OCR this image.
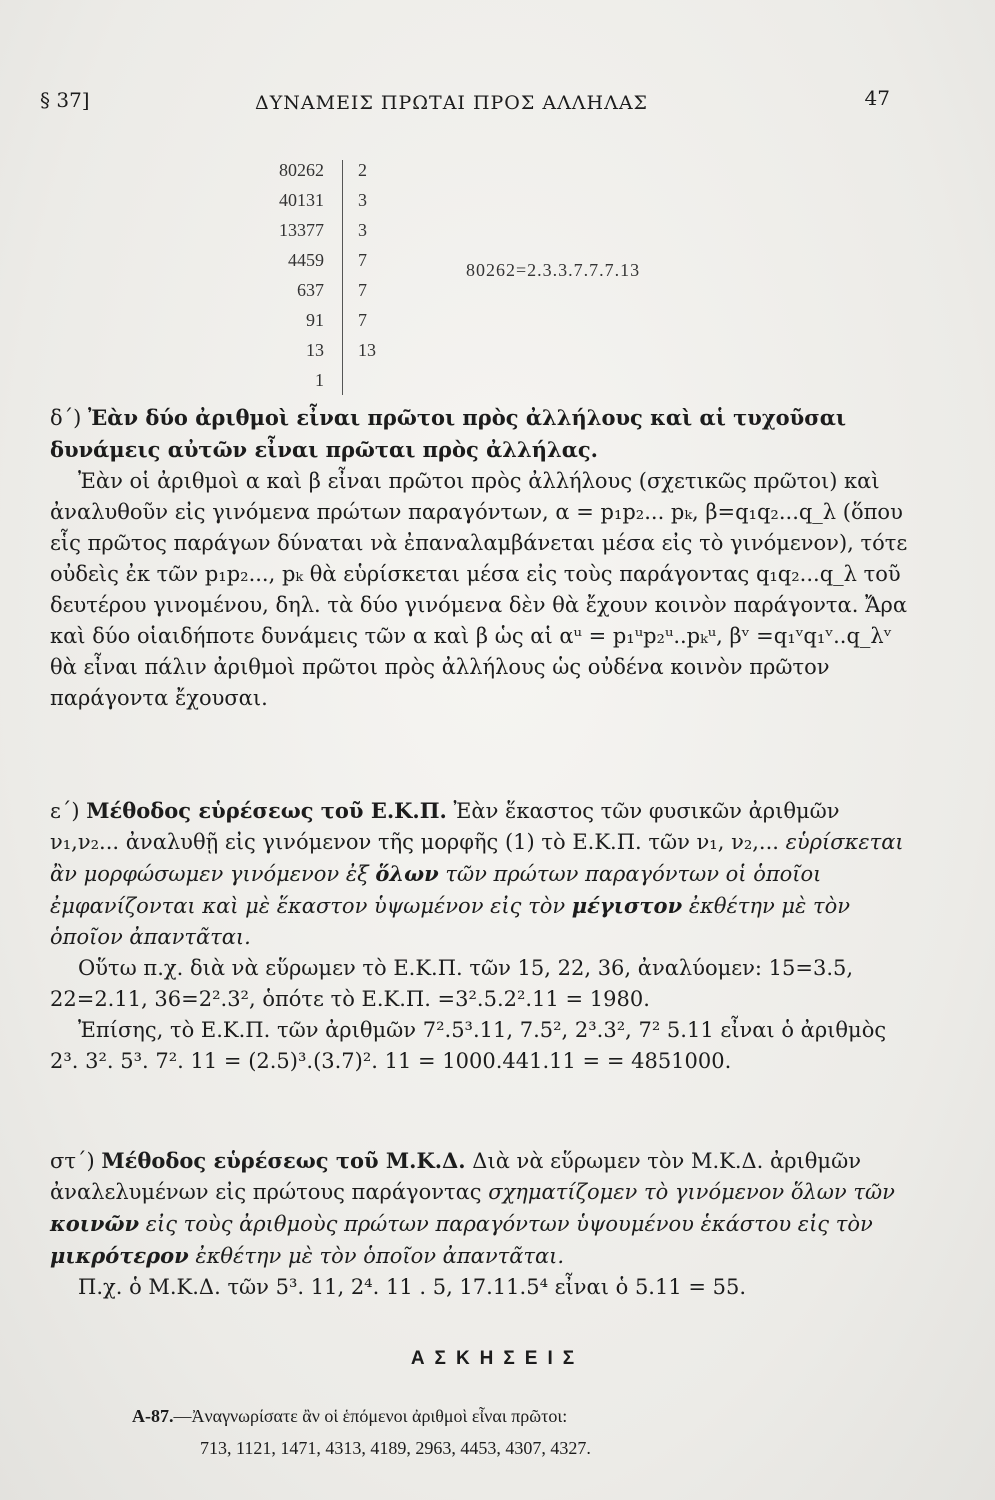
§ 37]	ΔΥΝΑΜΕΙΣ ΠΡΩΤΑΙ ΠΡΟΣ ΑΛΛΗΛΑΣ	47
80262
40131
13377
4459
637
91
13
1
2
3
3
7
7
7
13
80262=2.3.3.7.7.7.13

δ΄) Ἐὰν δύο ἀριθμοὶ εἶναι πρῶτοι πρὸς ἀλλήλους καὶ αἱ τυχοῦσαι δυνάμεις αὐτῶν εἶναι πρῶται πρὸς ἀλλήλας.

Ἐὰν οἱ ἀριθμοὶ α καὶ β εἶναι πρῶτοι πρὸς ἀλλήλους (σχετικῶς πρῶτοι) καὶ ἀναλυθοῦν εἰς γινόμενα πρώτων παραγόντων, α = p₁p₂... pₖ, β=q₁q₂...q_λ (ὅπου εἷς πρῶτος παράγων δύναται νὰ ἐπαναλαμβάνεται μέσα εἰς τὸ γινόμενον), τότε οὐδεὶς ἐκ τῶν p₁p₂..., pₖ θὰ εὑρίσκεται μέσα εἰς τοὺς παράγοντας q₁q₂...q_λ τοῦ δευτέρου γινομένου, δηλ. τὰ δύο γινόμενα δὲν θὰ ἔχουν κοινὸν παράγοντα. Ἄρα καὶ δύο οἱαιδήποτε δυνάμεις τῶν α καὶ β ὡς αἱ αᵘ = p₁ᵘp₂ᵘ..pₖᵘ, βᵛ =q₁ᵛq₁ᵛ..q_λᵛ θὰ εἶναι πάλιν ἀριθμοὶ πρῶτοι πρὸς ἀλλήλους ὡς οὐδένα κοινὸν πρῶτον παράγοντα ἔχουσαι.

ε΄) Μέθοδος εὑρέσεως τοῦ Ε.Κ.Π. Ἐὰν ἕκαστος τῶν φυσικῶν ἀριθμῶν ν₁,ν₂... ἀναλυθῇ εἰς γινόμενον τῆς μορφῆς (1) τὸ Ε.Κ.Π. τῶν ν₁, ν₂,... εὑρίσκεται ἂν μορφώσωμεν γινόμενον ἐξ ὅλων τῶν πρώτων παραγόντων οἱ ὁποῖοι ἐμφανίζονται καὶ μὲ ἕκαστον ὑψωμένον εἰς τὸν μέγιστον ἐκθέτην μὲ τὸν ὁποῖον ἀπαντᾶται.

Οὕτω π.χ. διὰ νὰ εὕρωμεν τὸ Ε.Κ.Π. τῶν 15, 22, 36, ἀναλύομεν: 15=3.5, 22=2.11, 36=2².3², ὁπότε τὸ Ε.Κ.Π. =3².5.2².11 = 1980.

Ἐπίσης, τὸ Ε.Κ.Π. τῶν ἀριθμῶν 7².5³.11, 7.5², 2³.3², 7² 5.11 εἶναι ὁ ἀριθμὸς 2³. 3². 5³. 7². 11 = (2.5)³.(3.7)². 11 = 1000.441.11 = = 4851000.

στ΄) Μέθοδος εὑρέσεως τοῦ Μ.Κ.Δ. Διὰ νὰ εὕρωμεν τὸν Μ.Κ.Δ. ἀριθμῶν ἀναλελυμένων εἰς πρώτους παράγοντας σχηματίζομεν τὸ γινόμενον ὅλων τῶν κοινῶν εἰς τοὺς ἀριθμοὺς πρώτων παραγόντων ὑψουμένου ἑκάστου εἰς τὸν μικρότερον ἐκθέτην μὲ τὸν ὁποῖον ἀπαντᾶται.

Π.χ. ὁ Μ.Κ.Δ. τῶν 5³. 11, 2⁴. 11 . 5, 17.11.5⁴ εἶναι ὁ 5.11 = 55.

ΑΣΚΗΣΕΙΣ
Α-87.—Ἀναγνωρίσατε ἂν οἱ ἑπόμενοι ἀριθμοὶ εἶναι πρῶτοι:
713, 1121, 1471, 4313, 4189, 2963, 4453, 4307, 4327.
